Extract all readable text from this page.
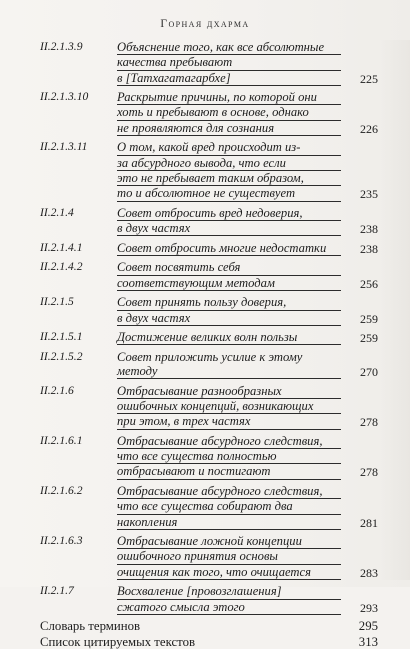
Горная дхарма
II.2.1.3.9	Объяснение того, как все абсолютные
качества пребывают
в [Татхагатагарбхе]	225
II.2.1.3.10	Раскрытие причины, по которой они
хоть и пребывают в основе, однако
не проявляются для сознания	226
II.2.1.3.11	О том, какой вред происходит из-
за абсурдного вывода, что если
это не пребывает таким образом,
то и абсолютное не существует	235
II.2.1.4	Совет отбросить вред недоверия,
в двух частях	238
II.2.1.4.1	Совет отбросить многие недостатки	238
II.2.1.4.2	Совет посвятить себя
соответствующим методам	256
II.2.1.5	Совет принять пользу доверия,
в двух частях	259
II.2.1.5.1	Достижение великих волн пользы	259
II.2.1.5.2	Совет приложить усилие к этому методу	270
II.2.1.6	Отбрасывание разнообразных
ошибочных концепций, возникающих
при этом, в трех частях	278
II.2.1.6.1	Отбрасывание абсурдного следствия,
что все существа полностью
отбрасывают и постигают	278
II.2.1.6.2	Отбрасывание абсурдного следствия,
что все существа собирают два
накопления	281
II.2.1.6.3	Отбрасывание ложной концепции
ошибочного принятия основы
очищения как того, что очищается	283
II.2.1.7	Восхваление [провозглашения]
сжатого смысла этого	293
Словарь терминов	295
Список цитируемых текстов	313
